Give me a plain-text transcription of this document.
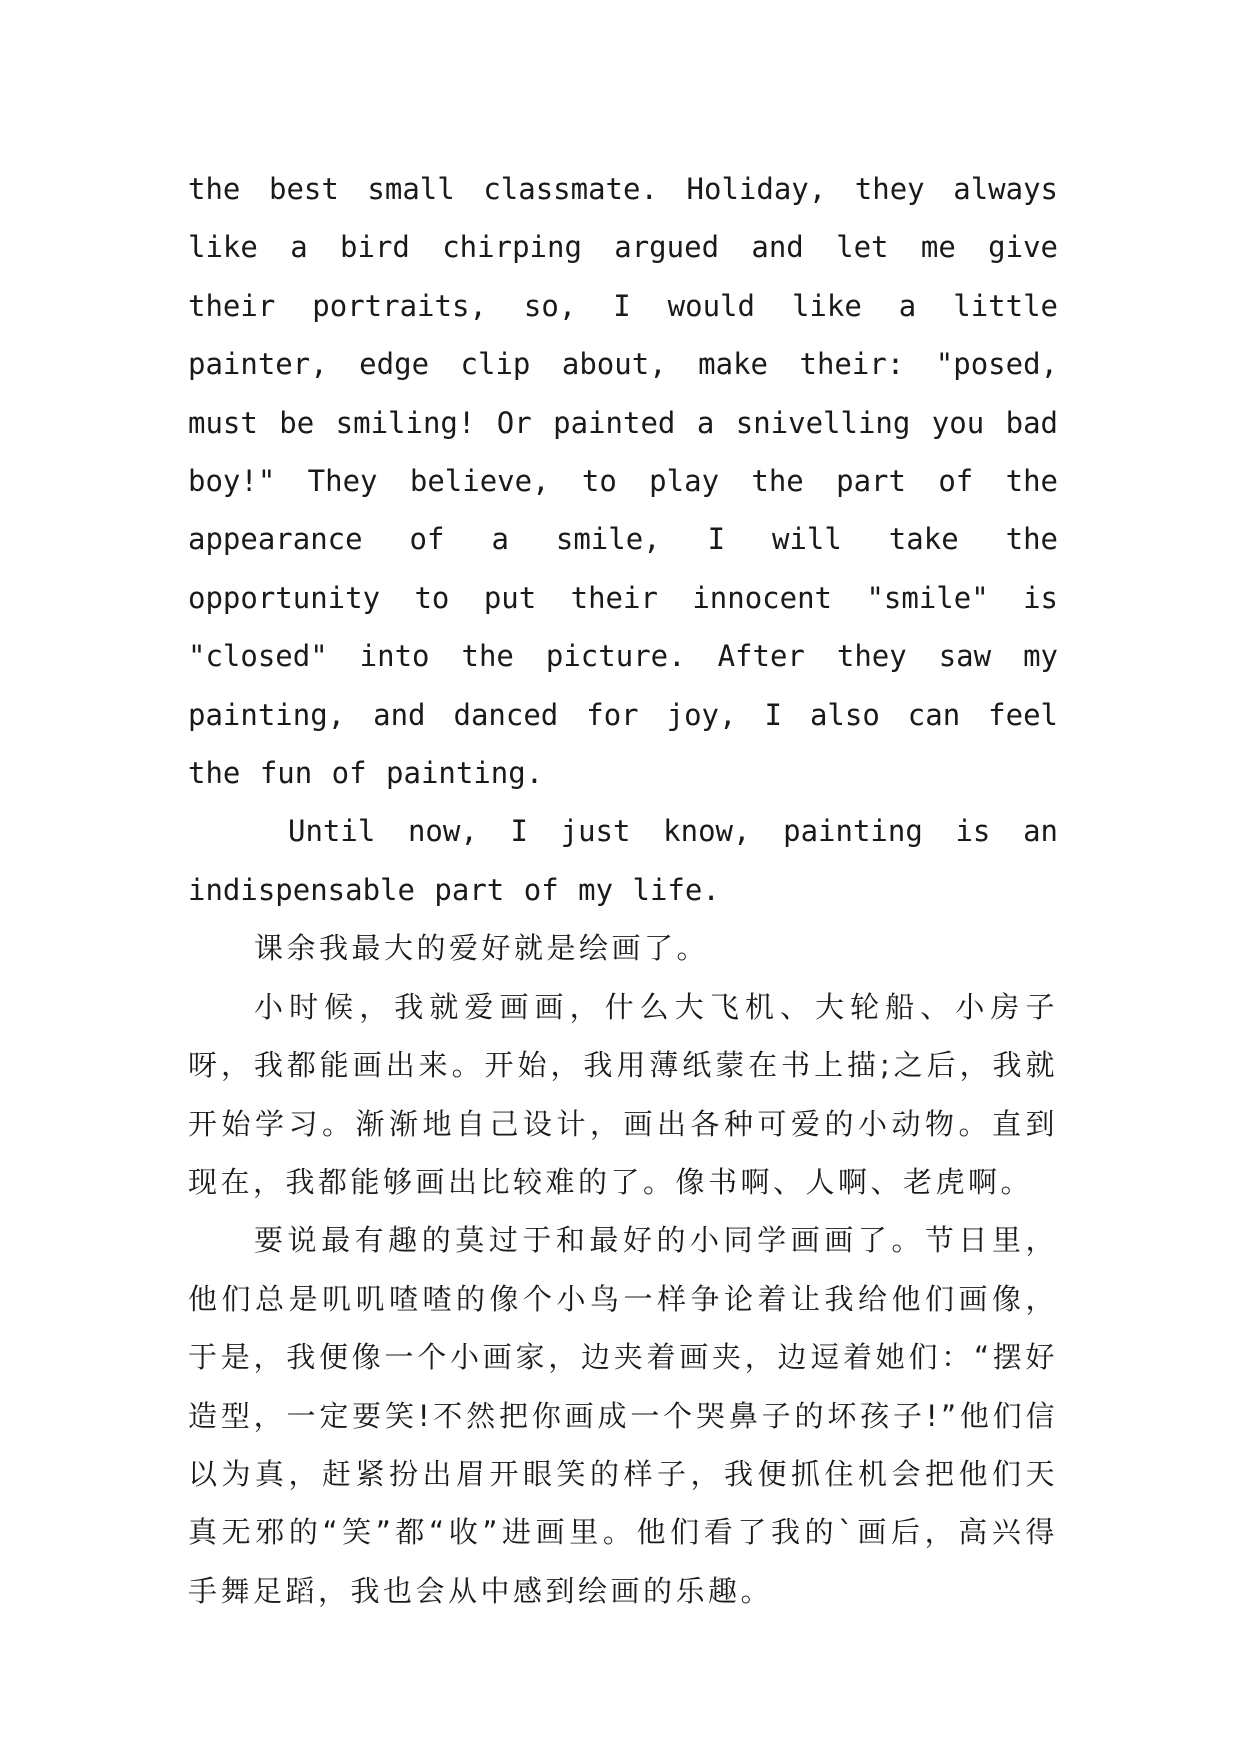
the best small classmate. Holiday, they always like a bird chirping argued and let me give their portraits, so, I would like a little painter, edge clip about, make their: "posed, must be smiling! Or painted a snivelling you bad boy!" They believe, to play the part of the appearance of a smile, I will take the opportunity to put their innocent "smile" is "closed" into the picture. After they saw my painting, and danced for joy, I also can feel the fun of painting.

Until now, I just know, painting is an indispensable part of my life.

课余我最大的爱好就是绘画了。

小时候，我就爱画画，什么大飞机、大轮船、小房子呀，我都能画出来。开始，我用薄纸蒙在书上描;之后，我就开始学习。渐渐地自己设计，画出各种可爱的小动物。直到现在，我都能够画出比较难的了。像书啊、人啊、老虎啊。

要说最有趣的莫过于和最好的小同学画画了。节日里，他们总是叽叽喳喳的像个小鸟一样争论着让我给他们画像，于是，我便像一个小画家，边夹着画夹，边逗着她们：“摆好造型，一定要笑!不然把你画成一个哭鼻子的坏孩子!”他们信以为真，赶紧扮出眉开眼笑的样子，我便抓住机会把他们天真无邪的“笑”都“收”进画里。他们看了我的`画后，高兴得手舞足蹈，我也会从中感到绘画的乐趣。
